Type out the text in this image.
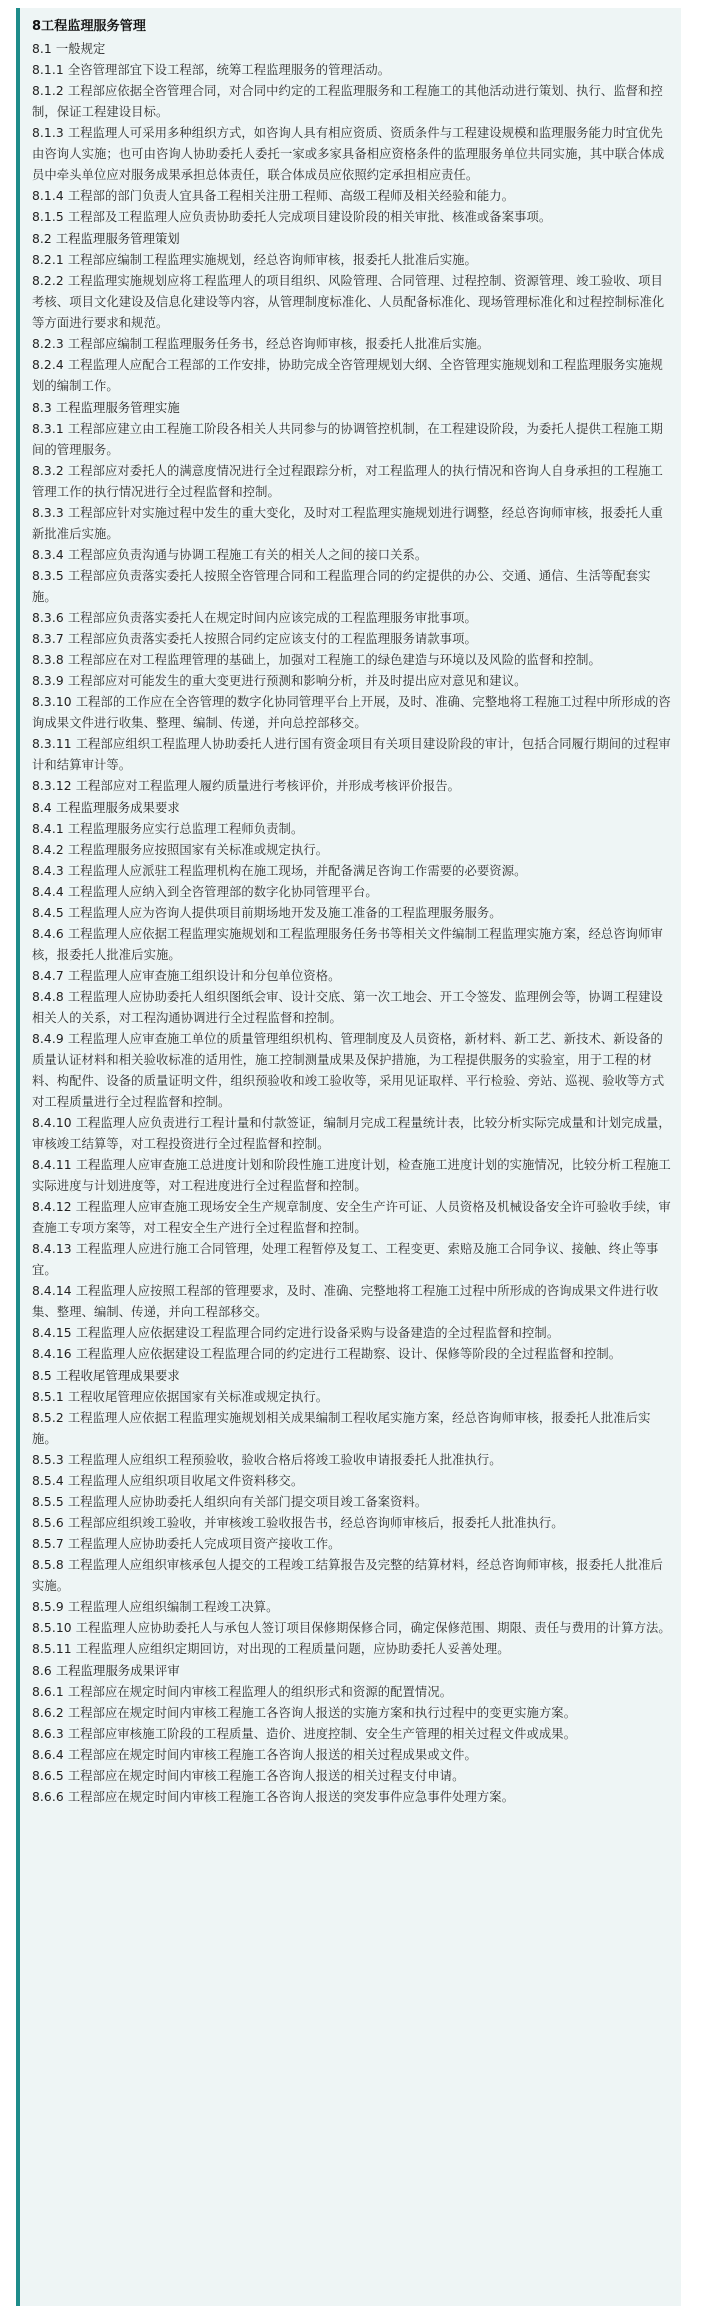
8工程监理服务管理
8.1 一般规定

8.1.1 全咨管理部宜下设工程部，统筹工程监理服务的管理活动。

8.1.2 工程部应依据全咨管理合同，对合同中约定的工程监理服务和工程施工的其他活动进行策划、执行、监督和控制，保证工程建设目标。

8.1.3 工程监理人可采用多种组织方式，如咨询人具有相应资质、资质条件与工程建设规模和监理服务能力时宜优先由咨询人实施；也可由咨询人协助委托人委托一家或多家具备相应资格条件的监理服务单位共同实施，其中联合体成员中牵头单位应对服务成果承担总体责任，联合体成员应依照约定承担相应责任。

8.1.4 工程部的部门负责人宜具备工程相关注册工程师、高级工程师及相关经验和能力。

8.1.5 工程部及工程监理人应负责协助委托人完成项目建设阶段的相关审批、核准或备案事项。

8.2 工程监理服务管理策划

8.2.1 工程部应编制工程监理实施规划，经总咨询师审核，报委托人批准后实施。

8.2.2 工程监理实施规划应将工程监理人的项目组织、风险管理、合同管理、过程控制、资源管理、竣工验收、项目考核、项目文化建设及信息化建设等内容，从管理制度标准化、人员配备标准化、现场管理标准化和过程控制标准化等方面进行要求和规范。

8.2.3 工程部应编制工程监理服务任务书，经总咨询师审核，报委托人批准后实施。

8.2.4 工程监理人应配合工程部的工作安排，协助完成全咨管理规划大纲、全咨管理实施规划和工程监理服务实施规划的编制工作。

8.3 工程监理服务管理实施

8.3.1 工程部应建立由工程施工阶段各相关人共同参与的协调管控机制，在工程建设阶段，为委托人提供工程施工期间的管理服务。

8.3.2 工程部应对委托人的满意度情况进行全过程跟踪分析，对工程监理人的执行情况和咨询人自身承担的工程施工管理工作的执行情况进行全过程监督和控制。

8.3.3 工程部应针对实施过程中发生的重大变化，及时对工程监理实施规划进行调整，经总咨询师审核，报委托人重新批准后实施。

8.3.4 工程部应负责沟通与协调工程施工有关的相关人之间的接口关系。

8.3.5 工程部应负责落实委托人按照全咨管理合同和工程监理合同的约定提供的办公、交通、通信、生活等配套实施。

8.3.6 工程部应负责落实委托人在规定时间内应该完成的工程监理服务审批事项。

8.3.7 工程部应负责落实委托人按照合同约定应该支付的工程监理服务请款事项。

8.3.8 工程部应在对工程监理管理的基础上，加强对工程施工的绿色建造与环境以及风险的监督和控制。

8.3.9 工程部应对可能发生的重大变更进行预测和影响分析，并及时提出应对意见和建议。

8.3.10 工程部的工作应在全咨管理的数字化协同管理平台上开展，及时、准确、完整地将工程施工过程中所形成的咨询成果文件进行收集、整理、编制、传递，并向总控部移交。

8.3.11 工程部应组织工程监理人协助委托人进行国有资金项目有关项目建设阶段的审计，包括合同履行期间的过程审计和结算审计等。

8.3.12 工程部应对工程监理人履约质量进行考核评价，并形成考核评价报告。

8.4 工程监理服务成果要求

8.4.1 工程监理服务应实行总监理工程师负责制。

8.4.2 工程监理服务应按照国家有关标准或规定执行。

8.4.3 工程监理人应派驻工程监理机构在施工现场，并配备满足咨询工作需要的必要资源。

8.4.4 工程监理人应纳入到全咨管理部的数字化协同管理平台。

8.4.5 工程监理人应为咨询人提供项目前期场地开发及施工准备的工程监理服务服务。

8.4.6 工程监理人应依据工程监理实施规划和工程监理服务任务书等相关文件编制工程监理实施方案，经总咨询师审核，报委托人批准后实施。

8.4.7 工程监理人应审查施工组织设计和分包单位资格。

8.4.8 工程监理人应协助委托人组织图纸会审、设计交底、第一次工地会、开工令签发、监理例会等，协调工程建设相关人的关系，对工程沟通协调进行全过程监督和控制。

8.4.9 工程监理人应审查施工单位的质量管理组织机构、管理制度及人员资格，新材料、新工艺、新技术、新设备的质量认证材料和相关验收标准的适用性，施工控制测量成果及保护措施，为工程提供服务的实验室，用于工程的材料、构配件、设备的质量证明文件，组织预验收和竣工验收等，采用见证取样、平行检验、旁站、巡视、验收等方式对工程质量进行全过程监督和控制。

8.4.10 工程监理人应负责进行工程计量和付款签证，编制月完成工程量统计表，比较分析实际完成量和计划完成量，审核竣工结算等，对工程投资进行全过程监督和控制。

8.4.11 工程监理人应审查施工总进度计划和阶段性施工进度计划，检查施工进度计划的实施情况，比较分析工程施工实际进度与计划进度等，对工程进度进行全过程监督和控制。

8.4.12 工程监理人应审查施工现场安全生产规章制度、安全生产许可证、人员资格及机械设备安全许可验收手续，审查施工专项方案等，对工程安全生产进行全过程监督和控制。

8.4.13 工程监理人应进行施工合同管理，处理工程暂停及复工、工程变更、索赔及施工合同争议、接触、终止等事宜。

8.4.14 工程监理人应按照工程部的管理要求，及时、准确、完整地将工程施工过程中所形成的咨询成果文件进行收集、整理、编制、传递，并向工程部移交。

8.4.15 工程监理人应依据建设工程监理合同约定进行设备采购与设备建造的全过程监督和控制。

8.4.16 工程监理人应依据建设工程监理合同的约定进行工程勘察、设计、保修等阶段的全过程监督和控制。

8.5 工程收尾管理成果要求

8.5.1 工程收尾管理应依据国家有关标准或规定执行。

8.5.2 工程监理人应依据工程监理实施规划相关成果编制工程收尾实施方案，经总咨询师审核，报委托人批准后实施。

8.5.3 工程监理人应组织工程预验收，验收合格后将竣工验收申请报委托人批准执行。

8.5.4 工程监理人应组织项目收尾文件资料移交。

8.5.5 工程监理人应协助委托人组织向有关部门提交项目竣工备案资料。

8.5.6 工程部应组织竣工验收，并审核竣工验收报告书，经总咨询师审核后，报委托人批准执行。

8.5.7 工程监理人应协助委托人完成项目资产接收工作。

8.5.8 工程监理人应组织审核承包人提交的工程竣工结算报告及完整的结算材料，经总咨询师审核，报委托人批准后实施。

8.5.9 工程监理人应组织编制工程竣工决算。

8.5.10 工程监理人应协助委托人与承包人签订项目保修期保修合同，确定保修范围、期限、责任与费用的计算方法。

8.5.11 工程监理人应组织定期回访，对出现的工程质量问题，应协助委托人妥善处理。

8.6 工程监理服务成果评审

8.6.1 工程部应在规定时间内审核工程监理人的组织形式和资源的配置情况。

8.6.2 工程部应在规定时间内审核工程施工各咨询人报送的实施方案和执行过程中的变更实施方案。

8.6.3 工程部应审核施工阶段的工程质量、造价、进度控制、安全生产管理的相关过程文件或成果。

8.6.4 工程部应在规定时间内审核工程施工各咨询人报送的相关过程成果或文件。

8.6.5 工程部应在规定时间内审核工程施工各咨询人报送的相关过程支付申请。

8.6.6 工程部应在规定时间内审核工程施工各咨询人报送的突发事件应急事件处理方案。
